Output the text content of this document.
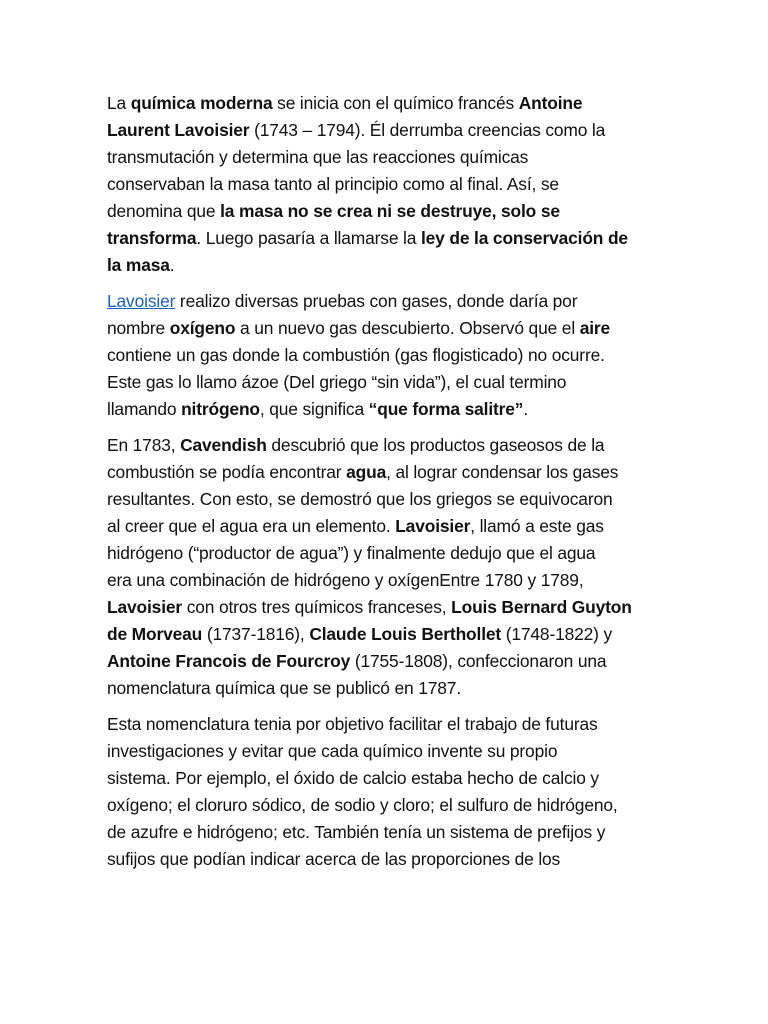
La química moderna se inicia con el químico francés Antoine
Laurent Lavoisier (1743 – 1794). Él derrumba creencias como la
transmutación y determina que las reacciones químicas
conservaban la masa tanto al principio como al final. Así, se
denomina que la masa no se crea ni se destruye, solo se
transforma. Luego pasaría a llamarse la ley de la conservación de
la masa.

Lavoisier realizo diversas pruebas con gases, donde daría por
nombre oxígeno a un nuevo gas descubierto. Observó que el aire
contiene un gas donde la combustión (gas flogisticado) no ocurre.
Este gas lo llamo ázoe (Del griego “sin vida”), el cual termino
llamando nitrógeno, que significa “que forma salitre”.

En 1783, Cavendish descubrió que los productos gaseosos de la
combustión se podía encontrar agua, al lograr condensar los gases
resultantes. Con esto, se demostró que los griegos se equivocaron
al creer que el agua era un elemento. Lavoisier, llamó a este gas
hidrógeno (“productor de agua”) y finalmente dedujo que el agua
era una combinación de hidrógeno y oxígenEntre 1780 y 1789,
Lavoisier con otros tres químicos franceses, Louis Bernard Guyton
de Morveau (1737-1816), Claude Louis Berthollet (1748-1822) y
Antoine Francois de Fourcroy (1755-1808), confeccionaron una
nomenclatura química que se publicó en 1787.

Esta nomenclatura tenia por objetivo facilitar el trabajo de futuras
investigaciones y evitar que cada químico invente su propio
sistema. Por ejemplo, el óxido de calcio estaba hecho de calcio y
oxígeno; el cloruro sódico, de sodio y cloro; el sulfuro de hidrógeno,
de azufre e hidrógeno; etc. También tenía un sistema de prefijos y
sufijos que podían indicar acerca de las proporciones de los
